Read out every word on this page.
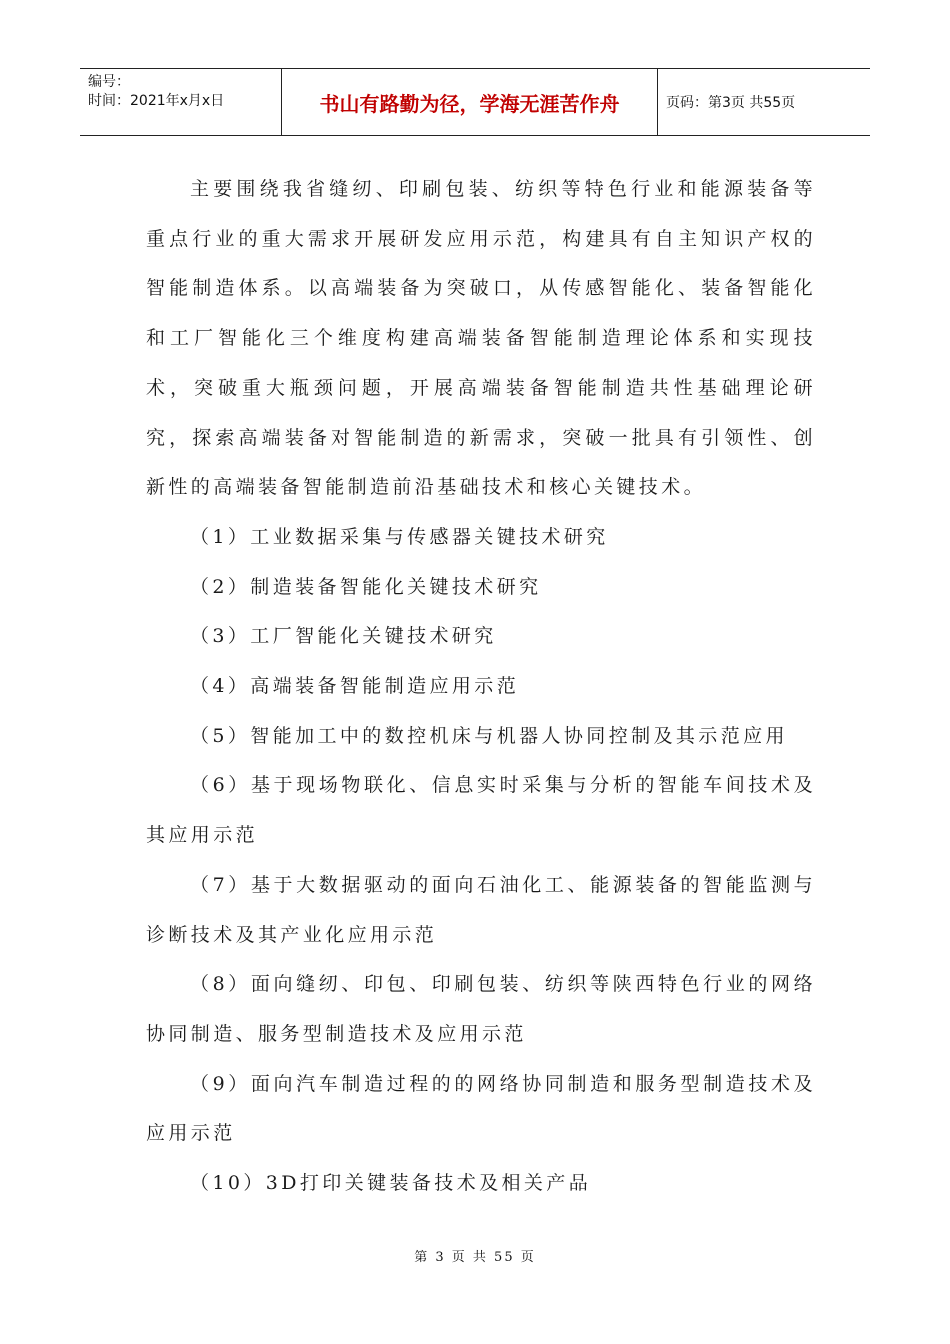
编号：
时间：2021年x月x日	书山有路勤为径，学海无涯苦作舟	页码：第3页 共55页

主要围绕我省缝纫、印刷包装、纺织等特色行业和能源装备等重点行业的重大需求开展研发应用示范，构建具有自主知识产权的智能制造体系。以高端装备为突破口，从传感智能化、装备智能化和工厂智能化三个维度构建高端装备智能制造理论体系和实现技术，突破重大瓶颈问题，开展高端装备智能制造共性基础理论研究，探索高端装备对智能制造的新需求，突破一批具有引领性、创新性的高端装备智能制造前沿基础技术和核心关键技术。

（1）工业数据采集与传感器关键技术研究

（2）制造装备智能化关键技术研究

（3）工厂智能化关键技术研究

（4）高端装备智能制造应用示范

（5）智能加工中的数控机床与机器人协同控制及其示范应用

（6）基于现场物联化、信息实时采集与分析的智能车间技术及其应用示范

（7）基于大数据驱动的面向石油化工、能源装备的智能监测与诊断技术及其产业化应用示范

（8）面向缝纫、印包、印刷包装、纺织等陕西特色行业的网络协同制造、服务型制造技术及应用示范

（9）面向汽车制造过程的的网络协同制造和服务型制造技术及应用示范

（10）3D打印关键装备技术及相关产品

第 3 页 共 55 页
